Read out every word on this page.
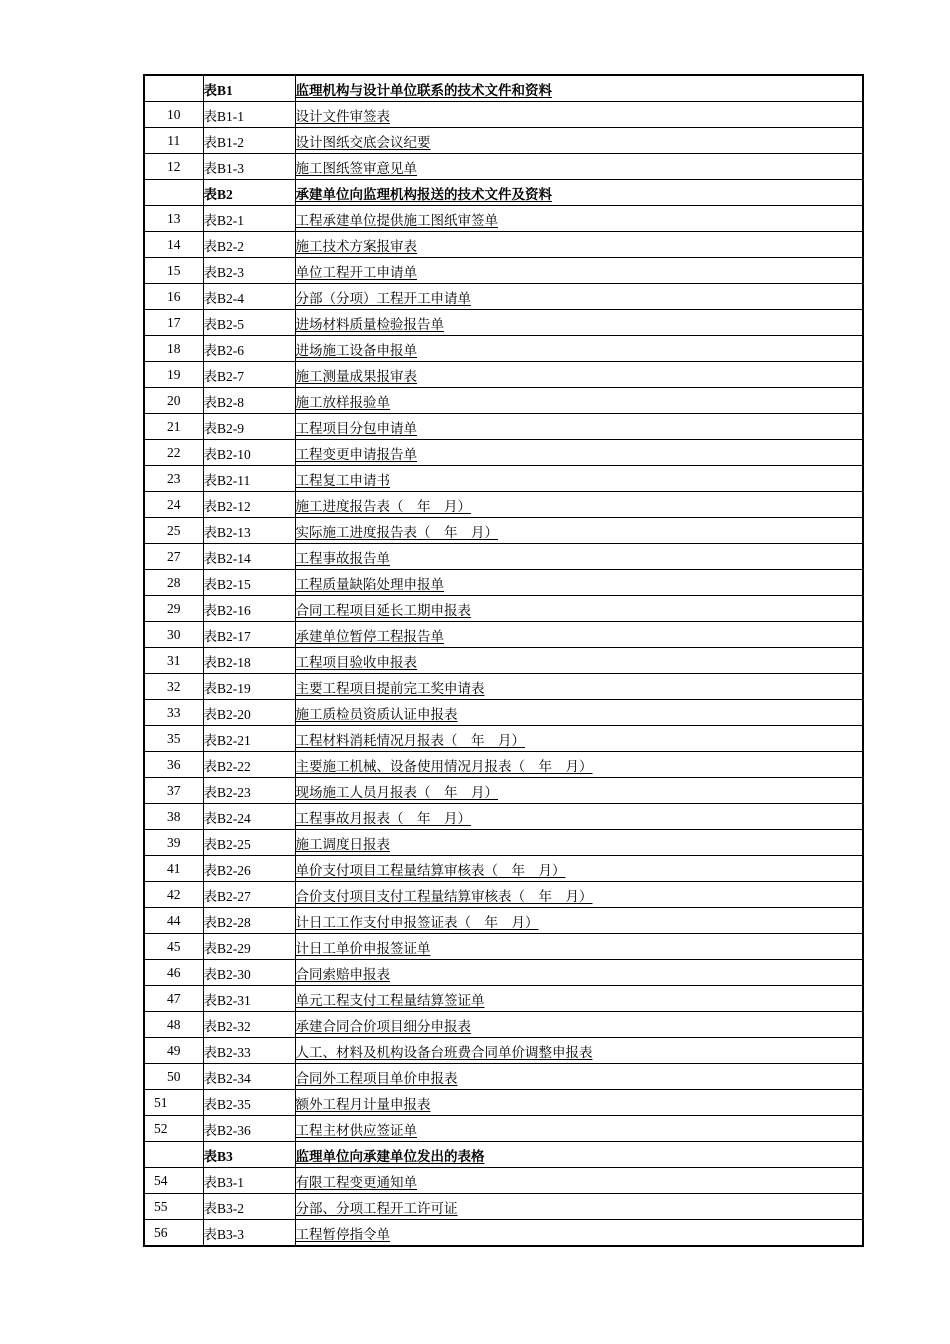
	表B1	监理机构与设计单位联系的技术文件和资料
10	表B1-1	设计文件审签表
11	表B1-2	设计图纸交底会议纪要
12	表B1-3	施工图纸签审意见单
	表B2	承建单位向监理机构报送的技术文件及资料
13	表B2-1	工程承建单位提供施工图纸审签单
14	表B2-2	施工技术方案报审表
15	表B2-3	单位工程开工申请单
16	表B2-4	分部（分项）工程开工申请单
17	表B2-5	进场材料质量检验报告单
18	表B2-6	进场施工设备申报单
19	表B2-7	施工测量成果报审表
20	表B2-8	施工放样报验单
21	表B2-9	工程项目分包申请单
22	表B2-10	工程变更申请报告单
23	表B2-11	工程复工申请书
24	表B2-12	施工进度报告表（　年　月）
25	表B2-13	实际施工进度报告表（　年　月）
27	表B2-14	工程事故报告单
28	表B2-15	工程质量缺陷处理申报单
29	表B2-16	合同工程项目延长工期申报表
30	表B2-17	承建单位暂停工程报告单
31	表B2-18	工程项目验收申报表
32	表B2-19	主要工程项目提前完工奖申请表
33	表B2-20	施工质检员资质认证申报表
35	表B2-21	工程材料消耗情况月报表（　年　月）
36	表B2-22	主要施工机械、设备使用情况月报表（　年　月）
37	表B2-23	现场施工人员月报表（　年　月）
38	表B2-24	工程事故月报表（　年　月）
39	表B2-25	施工调度日报表
41	表B2-26	单价支付项目工程量结算审核表（　年　月）
42	表B2-27	合价支付项目支付工程量结算审核表（　年　月）
44	表B2-28	计日工工作支付申报签证表（　年　月）
45	表B2-29	计日工单价申报签证单
46	表B2-30	合同索赔申报表
47	表B2-31	单元工程支付工程量结算签证单
48	表B2-32	承建合同合价项目细分申报表
49	表B2-33	人工、材料及机构设备台班费合同单价调整申报表
50	表B2-34	合同外工程项目单价申报表
51	表B2-35	额外工程月计量申报表
52	表B2-36	工程主材供应签证单
	表B3	监理单位向承建单位发出的表格
54	表B3-1	有限工程变更通知单
55	表B3-2	分部、分项工程开工许可证
56	表B3-3	工程暂停指令单
